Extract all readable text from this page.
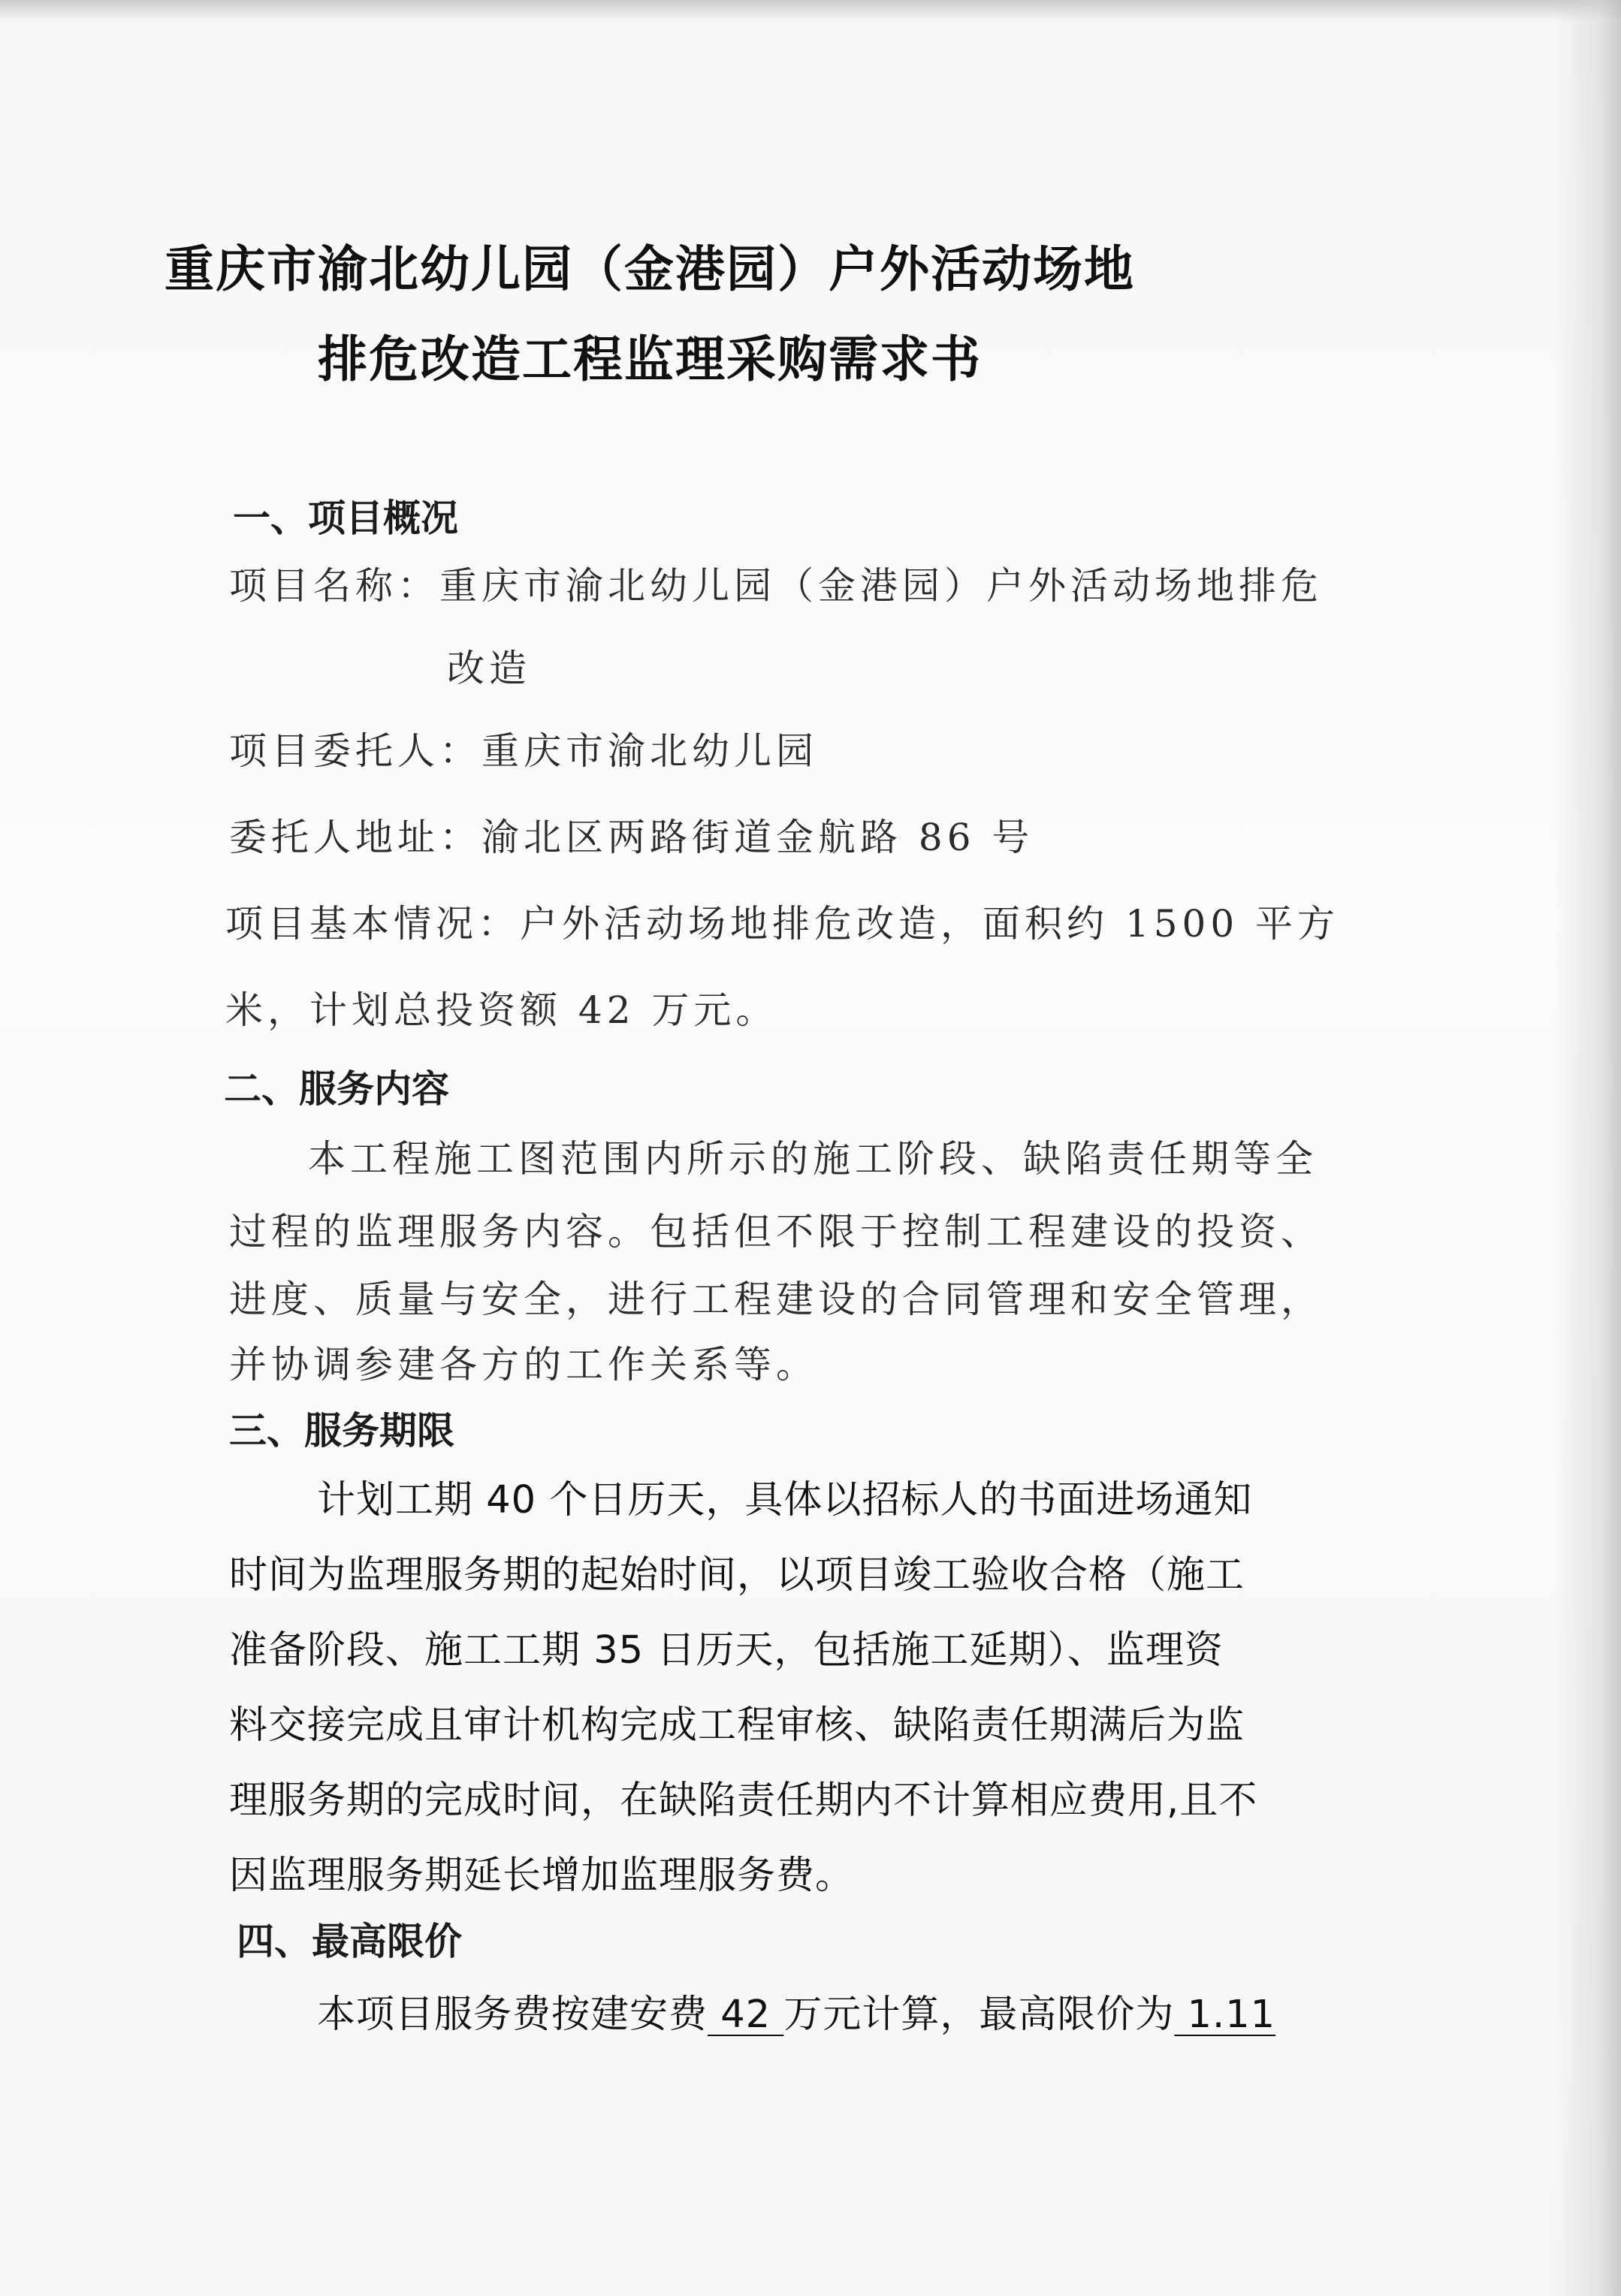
重庆市渝北幼儿园（金港园）户外活动场地
排危改造工程监理采购需求书
一、项目概况
项目名称：重庆市渝北幼儿园（金港园）户外活动场地排危
改造
项目委托人：重庆市渝北幼儿园
委托人地址：渝北区两路街道金航路 86 号
项目基本情况：户外活动场地排危改造，面积约 1500 平方
米，计划总投资额 42 万元。
二、服务内容
本工程施工图范围内所示的施工阶段、缺陷责任期等全
过程的监理服务内容。包括但不限于控制工程建设的投资、
进度、质量与安全，进行工程建设的合同管理和安全管理，
并协调参建各方的工作关系等。
三、服务期限
计划工期 40 个日历天，具体以招标人的书面进场通知
时间为监理服务期的起始时间，以项目竣工验收合格（施工
准备阶段、施工工期 35 日历天，包括施工延期）、监理资
料交接完成且审计机构完成工程审核、缺陷责任期满后为监
理服务期的完成时间，在缺陷责任期内不计算相应费用,且不
因监理服务期延长增加监理服务费。
四、最高限价
本项目服务费按建安费 42 万元计算，最高限价为 1.11
